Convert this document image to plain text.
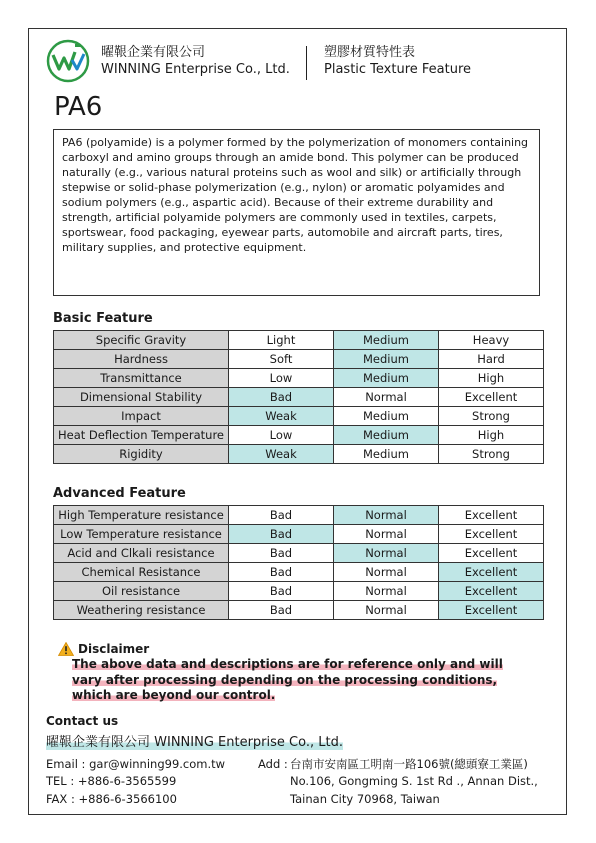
曜鞎企業有限公司
WINNING Enterprise Co., Ltd.
塑膠材質特性表
Plastic Texture Feature
PA6
PA6 (polyamide) is a polymer formed by the polymerization of monomers containing carboxyl and amino groups through an amide bond. This polymer can be produced naturally (e.g., various natural proteins such as wool and silk) or artificially through stepwise or solid-phase polymerization (e.g., nylon) or aromatic polyamides and sodium polymers (e.g., aspartic acid). Because of their extreme durability and strength, artificial polyamide polymers are commonly used in textiles, carpets, sportswear, food packaging, eyewear parts, automobile and aircraft parts, tires, military supplies, and protective equipment.
Basic Feature
Specific Gravity	Light	Medium	Heavy
Hardness	Soft	Medium	Hard
Transmittance	Low	Medium	High
Dimensional Stability	Bad	Normal	Excellent
Impact	Weak	Medium	Strong
Heat Deflection Temperature	Low	Medium	High
Rigidity	Weak	Medium	Strong
Advanced Feature
High Temperature resistance	Bad	Normal	Excellent
Low Temperature resistance	Bad	Normal	Excellent
Acid and Clkali resistance	Bad	Normal	Excellent
Chemical Resistance	Bad	Normal	Excellent
Oil resistance	Bad	Normal	Excellent
Weathering resistance	Bad	Normal	Excellent
Disclaimer
The above data and descriptions are for reference only and will vary after processing depending on the processing conditions, which are beyond our control.
Contact us
曜鞎企業有限公司 WINNING Enterprise Co., Ltd.
Email : gar@winning99.com.tw
TEL : +886-6-3565599
FAX : +886-6-3566100
Add : 台南市安南區工明南一路106號(總頭寮工業區)
No.106, Gongming S. 1st Rd ., Annan Dist.,
Tainan City 70968, Taiwan
